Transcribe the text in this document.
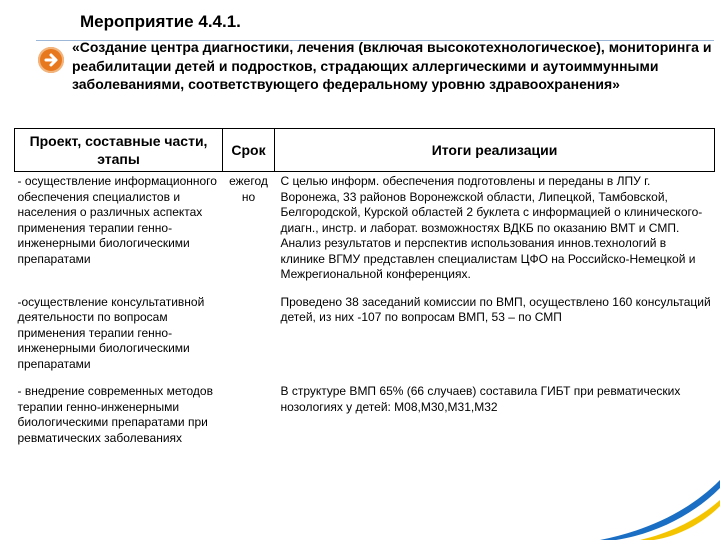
Мероприятие 4.4.1.
«Создание центра диагностики, лечения (включая высокотехнологическое), мониторинга и реабилитации детей и подростков, страдающих аллергическими и аутоиммунными заболеваниями, соответствующего федеральному уровню здравоохранения»
Проект, составные части, этапы	Срок	Итоги реализации
- осуществление информационного обеспечения специалистов и населения о различных аспектах применения терапии генно-инженерными биологическими препаратами	ежегод но	С целью информ. обеспечения подготовлены и переданы в ЛПУ г. Воронежа, 33 районов Воронежской области, Липецкой, Тамбовской, Белгородской, Курской областей 2 буклета с информацией о клинического- диагн., инстр. и лаборат. возможностях ВДКБ по оказанию ВМТ и СМП. Анализ результатов и перспектив использования иннов.технологий в клинике ВГМУ представлен специалистам ЦФО на Российско-Немецкой и Межрегиональной конференциях.
-осуществление консультативной деятельности по вопросам применения терапии генно-инженерными биологическими препаратами		Проведено 38 заседаний комиссии по ВМП, осуществлено 160 консультаций детей, из них -107 по вопросам ВМП, 53 – по СМП
- внедрение современных методов терапии генно-инженерными биологическими препаратами при ревматических заболеваниях		В структуре ВМП 65% (66 случаев) составила ГИБТ при ревматических нозологиях у детей: М08,М30,М31,М32
